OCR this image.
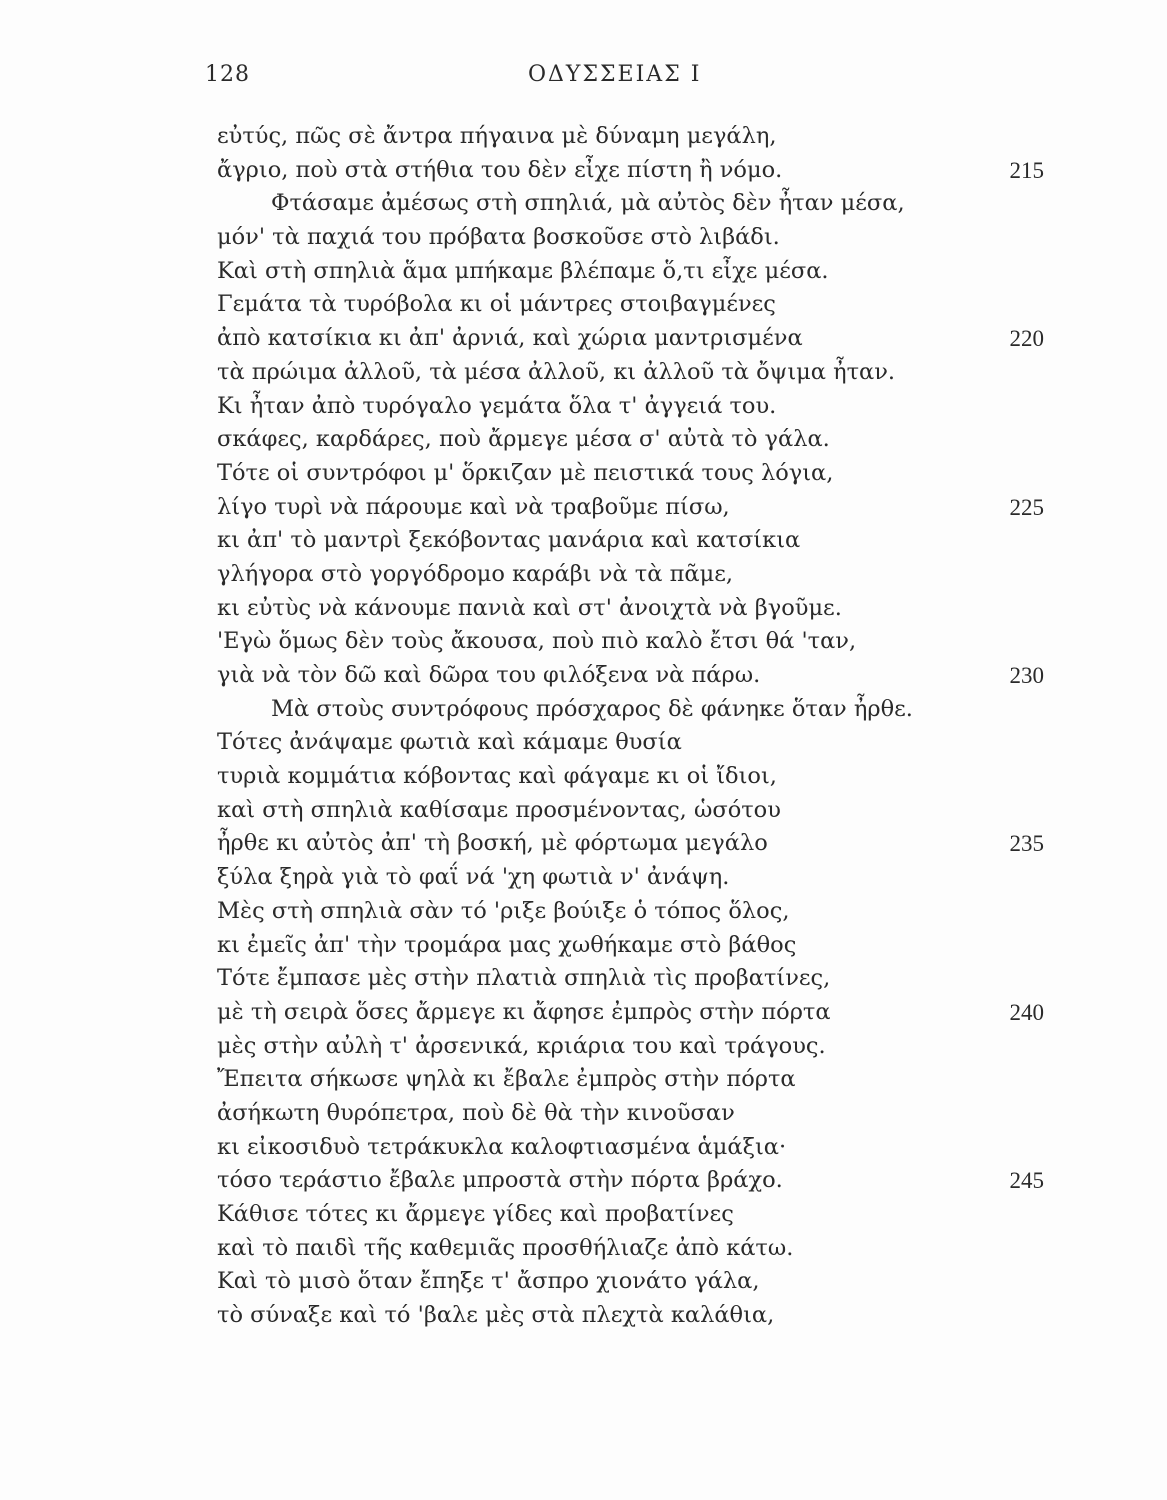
128	ΟΔΥΣΣΕΙΑΣ Ι
εὐτύς, πῶς σὲ ἄντρα πήγαινα μὲ δύναμη μεγάλη,
ἄγριο, ποὺ στὰ στήθια του δὲν εἶχε πίστη ἢ νόμο.	215
Φτάσαμε ἀμέσως στὴ σπηλιά, μὰ αὐτὸς δὲν ἦταν μέσα,
μόν' τὰ παχιά του πρόβατα βοσκοῦσε στὸ λιβάδι.
Καὶ στὴ σπηλιὰ ἅμα μπήκαμε βλέπαμε ὅ,τι εἶχε μέσα.
Γεμάτα τὰ τυρόβολα κι οἱ μάντρες στοιβαγμένες
ἀπὸ κατσίκια κι ἀπ' ἀρνιά, καὶ χώρια μαντρισμένα	220
τὰ πρώιμα ἀλλοῦ, τὰ μέσα ἀλλοῦ, κι ἀλλοῦ τὰ ὄψιμα ἦταν.
Κι ἦταν ἀπὸ τυρόγαλο γεμάτα ὅλα τ' ἀγγειά του.
σκάφες, καρδάρες, ποὺ ἄρμεγε μέσα σ' αὐτὰ τὸ γάλα.
Τότε οἱ συντρόφοι μ' ὅρκιζαν μὲ πειστικά τους λόγια,
λίγο τυρὶ νὰ πάρουμε καὶ νὰ τραβοῦμε πίσω,	225
κι ἀπ' τὸ μαντρὶ ξεκόβοντας μανάρια καὶ κατσίκια
γλήγορα στὸ γοργόδρομο καράβι νὰ τὰ πᾶμε,
κι εὐτὺς νὰ κάνουμε πανιὰ καὶ στ' ἀνοιχτὰ νὰ βγοῦμε.
'Εγὼ ὅμως δὲν τοὺς ἄκουσα, ποὺ πιὸ καλὸ ἔτσι θά 'ταν,
γιὰ νὰ τὸν δῶ καὶ δῶρα του φιλόξενα νὰ πάρω.	230
Μὰ στοὺς συντρόφους πρόσχαρος δὲ φάνηκε ὅταν ἦρθε.
Τότες ἀνάψαμε φωτιὰ καὶ κάμαμε θυσία
τυριὰ κομμάτια κόβοντας καὶ φάγαμε κι οἱ ἴδιοι,
καὶ στὴ σπηλιὰ καθίσαμε προσμένοντας, ὡσότου
ἦρθε κι αὐτὸς ἀπ' τὴ βοσκή, μὲ φόρτωμα μεγάλο	235
ξύλα ξηρὰ γιὰ τὸ φαΐ νά 'χη φωτιὰ ν' ἀνάψη.
Μὲς στὴ σπηλιὰ σὰν τό 'ριξε βούιξε ὁ τόπος ὅλος,
κι ἐμεῖς ἀπ' τὴν τρομάρα μας χωθήκαμε στὸ βάθος
Τότε ἔμπασε μὲς στὴν πλατιὰ σπηλιὰ τὶς προβατίνες,
μὲ τὴ σειρὰ ὅσες ἄρμεγε κι ἄφησε ἐμπρὸς στὴν πόρτα	240
μὲς στὴν αὐλὴ τ' ἀρσενικά, κριάρια του καὶ τράγους.
Ἔπειτα σήκωσε ψηλὰ κι ἔβαλε ἐμπρὸς στὴν πόρτα
ἀσήκωτη θυρόπετρα, ποὺ δὲ θὰ τὴν κινοῦσαν
κι εἰκοσιδυὸ τετράκυκλα καλοφτιασμένα ἁμάξια·
τόσο τεράστιο ἔβαλε μπροστὰ στὴν πόρτα βράχο.	245
Κάθισε τότες κι ἄρμεγε γίδες καὶ προβατίνες
καὶ τὸ παιδὶ τῆς καθεμιᾶς προσθήλιαζε ἀπὸ κάτω.
Καὶ τὸ μισὸ ὅταν ἔπηξε τ' ἄσπρο χιονάτο γάλα,
τὸ σύναξε καὶ τό 'βαλε μὲς στὰ πλεχτὰ καλάθια,
